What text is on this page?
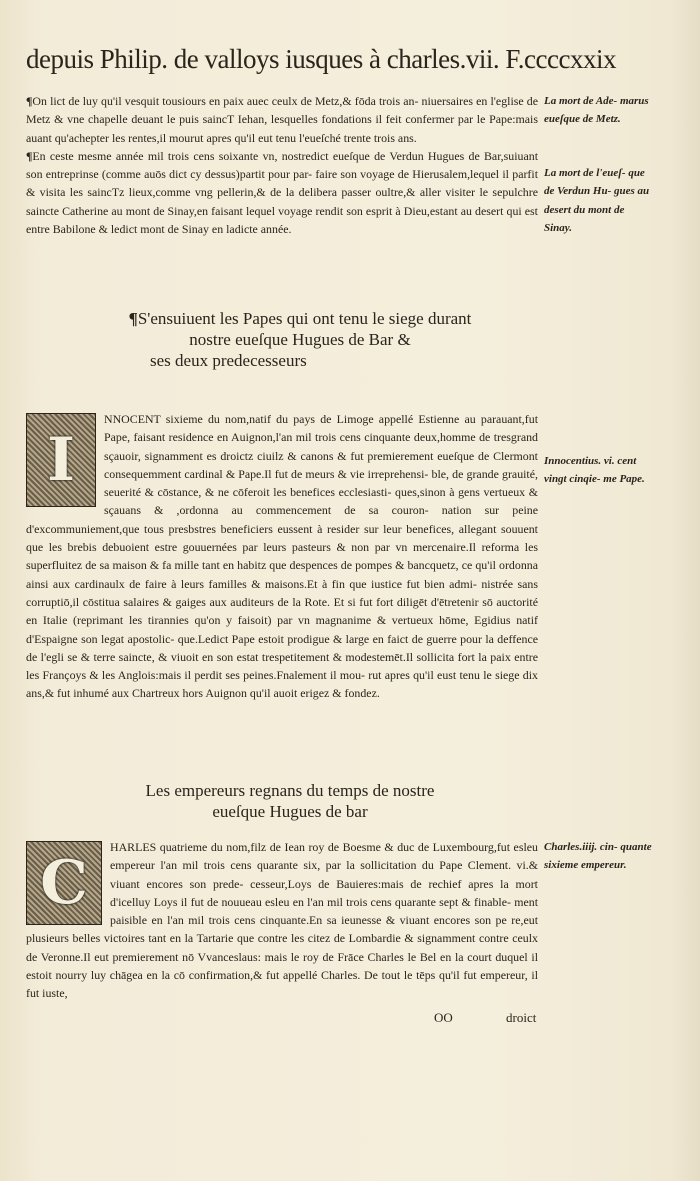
depuis Philip. de valloys iusques à charles.vii. F.ccccxxix

¶On lict de luy qu'il vesquit tousiours en paix auec ceulx de Metz,& fōda trois an- niuersaires en l'eglise de Metz & vne chapelle deuant le puis saincT Iehan, lesquelles fondations il feit confermer par le Pape:mais auant qu'achepter les rentes,il mourut apres qu'il eut tenu l'eueſché trente trois ans.

¶En ceste mesme année mil trois cens soixante vn, nostredict eueſque de Verdun Hugues de Bar,suiuant son entreprinse (comme auōs dict cy dessus)partit pour par- faire son voyage de Hierusalem,lequel il parfit & visita les saincTz lieux,comme vng pellerin,& de la delibera passer oultre,& aller visiter le sepulchre saincte Catherine au mont de Sinay,en faisant lequel voyage rendit son esprit à Dieu,estant au desert qui est entre Babilone & ledict mont de Sinay en ladicte année.

La mort de Ade- marus eueſque de Metz.
La mort de l'eueſ- que de Verdun Hu- gues au desert du mont de Sinay.
¶S'ensuiuent les Papes qui ont tenu le siege durant
nostre eueſque Hugues de Bar &
ses deux predecesseurs
I
NNOCENT sixieme du nom,natif du pays de Limoge appellé Estienne au parauant,fut Pape, faisant residence en Auignon,l'an mil trois cens cinquante deux,homme de tresgrand sçauoir, signamment es droictz ciuilz & canons & fut premierement eueſque de Clermont consequemment cardinal & Pape.Il fut de meurs & vie irreprehensi- ble, de grande grauité, seuerité & cōstance, & ne cōferoit les benefices ecclesiasti- ques,sinon à gens vertueux & sçauans & ,ordonna au commencement de sa couron- nation sur peine d'excommuniement,que tous presbstres beneficiers eussent à resider sur leur benefices, allegant souuent que les brebis debuoient estre gouuernées par leurs pasteurs & non par vn mercenaire.Il reforma les superfluitez de sa maison & fa mille tant en habitz que despences de pompes & bancquetz, ce qu'il ordonna ainsi aux cardinaulx de faire à leurs familles & maisons.Et à fin que iustice fut bien admi- nistrée sans corruptiō,il cōstitua salaires & gaiges aux auditeurs de la Rote. Et si fut fort diligēt d'ētretenir sō auctorité en Italie (reprimant les tirannies qu'on y faisoit) par vn magnanime & vertueux hōme, Egidius natif d'Espaigne son legat apostolic- que.Ledict Pape estoit prodigue & large en faict de guerre pour la deffence de l'egli se & terre saincte, & viuoit en son estat trespetitement & modestemēt.Il sollicita fort la paix entre les Françoys & les Anglois:mais il perdit ses peines.Fnalement il mou- rut apres qu'il eust tenu le siege dix ans,& fut inhumé aux Chartreux hors Auignon qu'il auoit erigez & fondez.
Innocentius. vi. cent vingt cinqie- me Pape.
Les empereurs regnans du temps de nostre
eueſque Hugues de bar
C
HARLES quatrieme du nom,filz de Iean roy de Boesme & duc de Luxembourg,fut esleu empereur l'an mil trois cens quarante six, par la sollicitation du Pape Clement. vi.& viuant encores son prede- cesseur,Loys de Bauieres:mais de rechief apres la mort d'icelluy Loys il fut de nouueau esleu en l'an mil trois cens quarante sept & finable- ment paisible en l'an mil trois cens cinquante.En sa ieunesse & viuant encores son pe re,eut plusieurs belles victoires tant en la Tartarie que contre les citez de Lombardie & signamment contre ceulx de Veronne.Il eut premierement nō Vvanceslaus: mais le roy de Frāce Charles le Bel en la court duquel il estoit nourry luy chāgea en la cō confirmation,& fut appellé Charles. De tout le tēps qu'il fut empereur, il fut iuste,
Charles.iiij. cin- quante sixieme empereur.
OO	droict
